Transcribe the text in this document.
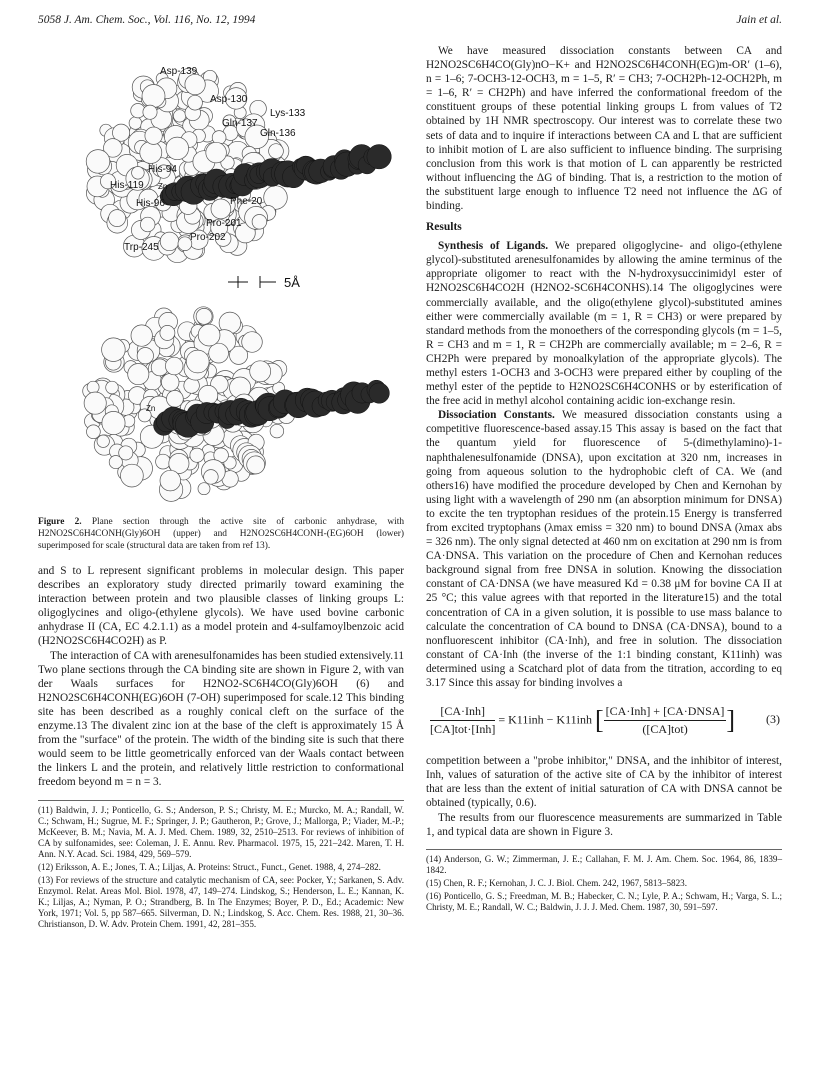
5058 J. Am. Chem. Soc., Vol. 116, No. 12, 1994	Jain et al.
Asp-139
Asp-130
Lys-133
Gln-137
Gln-136
His-94
His-119 Zn
His-96	Phe-20
Pro-201
Pro-202
Trp-245
5Å
Zn
Figure 2. Plane section through the active site of carbonic anhydrase, with H2NO2SC6H4CONH(Gly)6OH (upper) and H2NO2SC6H4CONH-(EG)6OH (lower) superimposed for scale (structural data are taken from ref 13).

and S to L represent significant problems in molecular design. This paper describes an exploratory study directed primarily toward examining the interaction between protein and two plausible classes of linking groups L: oligoglycines and oligo-(ethylene glycols). We have used bovine carbonic anhydrase II (CA, EC 4.2.1.1) as a model protein and 4-sulfamoylbenzoic acid (H2NO2SC6H4CO2H) as P.

The interaction of CA with arenesulfonamides has been studied extensively.11 Two plane sections through the CA binding site are shown in Figure 2, with van der Waals surfaces for H2NO2-SC6H4CO(Gly)6OH (6) and H2NO2SC6H4CONH(EG)6OH (7-OH) superimposed for scale.12 This binding site has been described as a roughly conical cleft on the surface of the enzyme.13 The divalent zinc ion at the base of the cleft is approximately 15 Å from the "surface" of the protein. The width of the binding site is such that there would seem to be little geometrically enforced van der Waals contact between the linkers L and the protein, and relatively little restriction to conformational freedom beyond m = n = 3.

(11) Baldwin, J. J.; Ponticello, G. S.; Anderson, P. S.; Christy, M. E.; Murcko, M. A.; Randall, W. C.; Schwam, H.; Sugrue, M. F.; Springer, J. P.; Gautheron, P.; Grove, J.; Mallorga, P.; Viader, M.-P.; McKeever, B. M.; Navia, M. A. J. Med. Chem. 1989, 32, 2510–2513. For reviews of inhibition of CA by sulfonamides, see: Coleman, J. E. Annu. Rev. Pharmacol. 1975, 15, 221–242. Maren, T. H. Ann. N.Y. Acad. Sci. 1984, 429, 569–579.

(12) Eriksson, A. E.; Jones, T. A.; Liljas, A. Proteins: Struct., Funct., Genet. 1988, 4, 274–282.

(13) For reviews of the structure and catalytic mechanism of CA, see: Pocker, Y.; Sarkanen, S. Adv. Enzymol. Relat. Areas Mol. Biol. 1978, 47, 149–274. Lindskog, S.; Henderson, L. E.; Kannan, K. K.; Liljas, A.; Nyman, P. O.; Strandberg, B. In The Enzymes; Boyer, P. D., Ed.; Academic: New York, 1971; Vol. 5, pp 587–665. Silverman, D. N.; Lindskog, S. Acc. Chem. Res. 1988, 21, 30–36. Christianson, D. W. Adv. Protein Chem. 1991, 42, 281–355.

We have measured dissociation constants between CA and H2NO2SC6H4CO(Gly)nO−K+ and H2NO2SC6H4CONH(EG)m-OR′ (1–6), n = 1–6; 7-OCH3-12-OCH3, m = 1–5, R′ = CH3; 7-OCH2Ph-12-OCH2Ph, m = 1–6, R′ = CH2Ph) and have inferred the conformational freedom of the constituent groups of these potential linking groups L from values of T2 obtained by 1H NMR spectroscopy. Our interest was to correlate these two sets of data and to inquire if interactions between CA and L that are sufficient to inhibit motion of L are also sufficient to influence binding. The surprising conclusion from this work is that motion of L can apparently be restricted without influencing the ΔG of binding. That is, a restriction to the motion of the substituent large enough to influence T2 need not influence the ΔG of binding.

Results

Synthesis of Ligands. We prepared oligoglycine- and oligo-(ethylene glycol)-substituted arenesulfonamides by allowing the amine terminus of the appropriate oligomer to react with the N-hydroxysuccinimidyl ester of H2NO2SC6H4CO2H (H2NO2-SC6H4CONHS).14 The oligoglycines were commercially available, and the oligo(ethylene glycol)-substituted amines either were commercially available (m = 1, R = CH3) or were prepared by standard methods from the monoethers of the corresponding glycols (m = 1–5, R = CH3 and m = 1, R = CH2Ph are commercially available; m = 2–6, R = CH2Ph were prepared by monoalkylation of the appropriate glycols). The methyl esters 1-OCH3 and 3-OCH3 were prepared either by coupling of the methyl ester of the peptide to H2NO2SC6H4CONHS or by esterification of the free acid in methyl alcohol containing acidic ion-exchange resin.

Dissociation Constants. We measured dissociation constants using a competitive fluorescence-based assay.15 This assay is based on the fact that the quantum yield for fluorescence of 5-(dimethylamino)-1-naphthalenesulfonamide (DNSA), upon excitation at 320 nm, increases in going from aqueous solution to the hydrophobic cleft of CA. We (and others16) have modified the procedure developed by Chen and Kernohan by using light with a wavelength of 290 nm (an absorption minimum for DNSA) to excite the ten tryptophan residues of the protein.15 Energy is transferred from excited tryptophans (λmax emiss = 320 nm) to bound DNSA (λmax abs = 326 nm). The only signal detected at 460 nm on excitation at 290 nm is from CA·DNSA. This variation on the procedure of Chen and Kernohan reduces background signal from free DNSA in solution. Knowing the dissociation constant of CA·DNSA (we have measured Kd = 0.38 μM for bovine CA II at 25 °C; this value agrees with that reported in the literature15) and the total concentration of CA in a given solution, it is possible to use mass balance to calculate the concentration of CA bound to DNSA (CA·DNSA), bound to a nonfluorescent inhibitor (CA·Inh), and free in solution. The dissociation constant of CA·Inh (the inverse of the 1:1 binding constant, K11inh) was determined using a Scatchard plot of data from the titration, according to eq 3.17 Since this assay for binding involves a

$\frac{\text{[CA·Inh]}}{\text{[CA]tot·[Inh]}} = K11inh - K11inh$ [ $\frac{\text{[CA·Inh] + [CA·DNSA]}}{\text{([CA]tot)}}$ ]	(3)

competition between a "probe inhibitor," DNSA, and the inhibitor of interest, Inh, values of saturation of the active site of CA by the inhibitor of interest that are less than the extent of initial saturation of CA with DNSA cannot be obtained (typically, 0.6).

The results from our fluorescence measurements are summarized in Table 1, and typical data are shown in Figure 3.

(14) Anderson, G. W.; Zimmerman, J. E.; Callahan, F. M. J. Am. Chem. Soc. 1964, 86, 1839–1842.

(15) Chen, R. F.; Kernohan, J. C. J. Biol. Chem. 242, 1967, 5813–5823.

(16) Ponticello, G. S.; Freedman, M. B.; Habecker, C. N.; Lyle, P. A.; Schwam, H.; Varga, S. L.; Christy, M. E.; Randall, W. C.; Baldwin, J. J. J. Med. Chem. 1987, 30, 591–597.
